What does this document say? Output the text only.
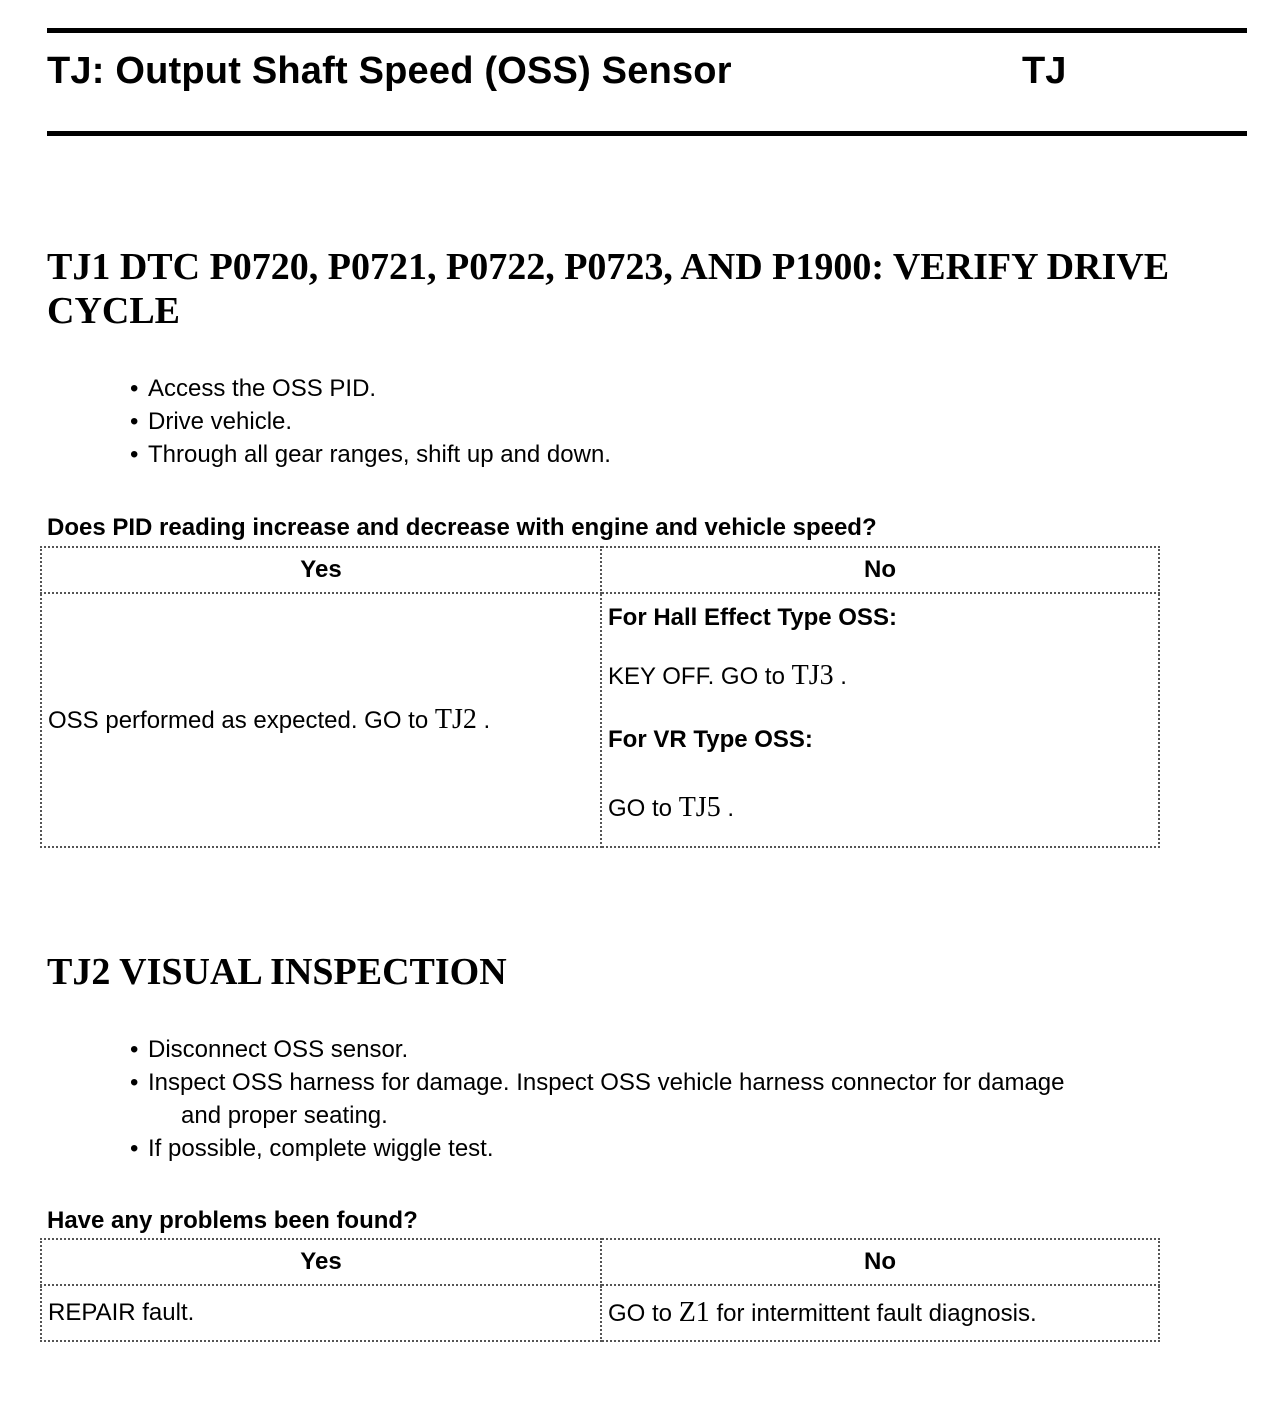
TJ: Output Shaft Speed (OSS) Sensor	TJ
TJ1 DTC P0720, P0721, P0722, P0723, AND P1900: VERIFY DRIVE CYCLE
• Access the OSS PID.
• Drive vehicle.
• Through all gear ranges, shift up and down.
Does PID reading increase and decrease with engine and vehicle speed?
Yes	No
OSS performed as expected. GO to TJ2 .	For Hall Effect Type OSS:
KEY OFF. GO to TJ3 .
For VR Type OSS:
GO to TJ5 .
TJ2 VISUAL INSPECTION
• Disconnect OSS sensor.
• Inspect OSS harness for damage. Inspect OSS vehicle harness connector for damage
and proper seating.
• If possible, complete wiggle test.
Have any problems been found?
Yes	No
REPAIR fault.	GO to Z1 for intermittent fault diagnosis.
